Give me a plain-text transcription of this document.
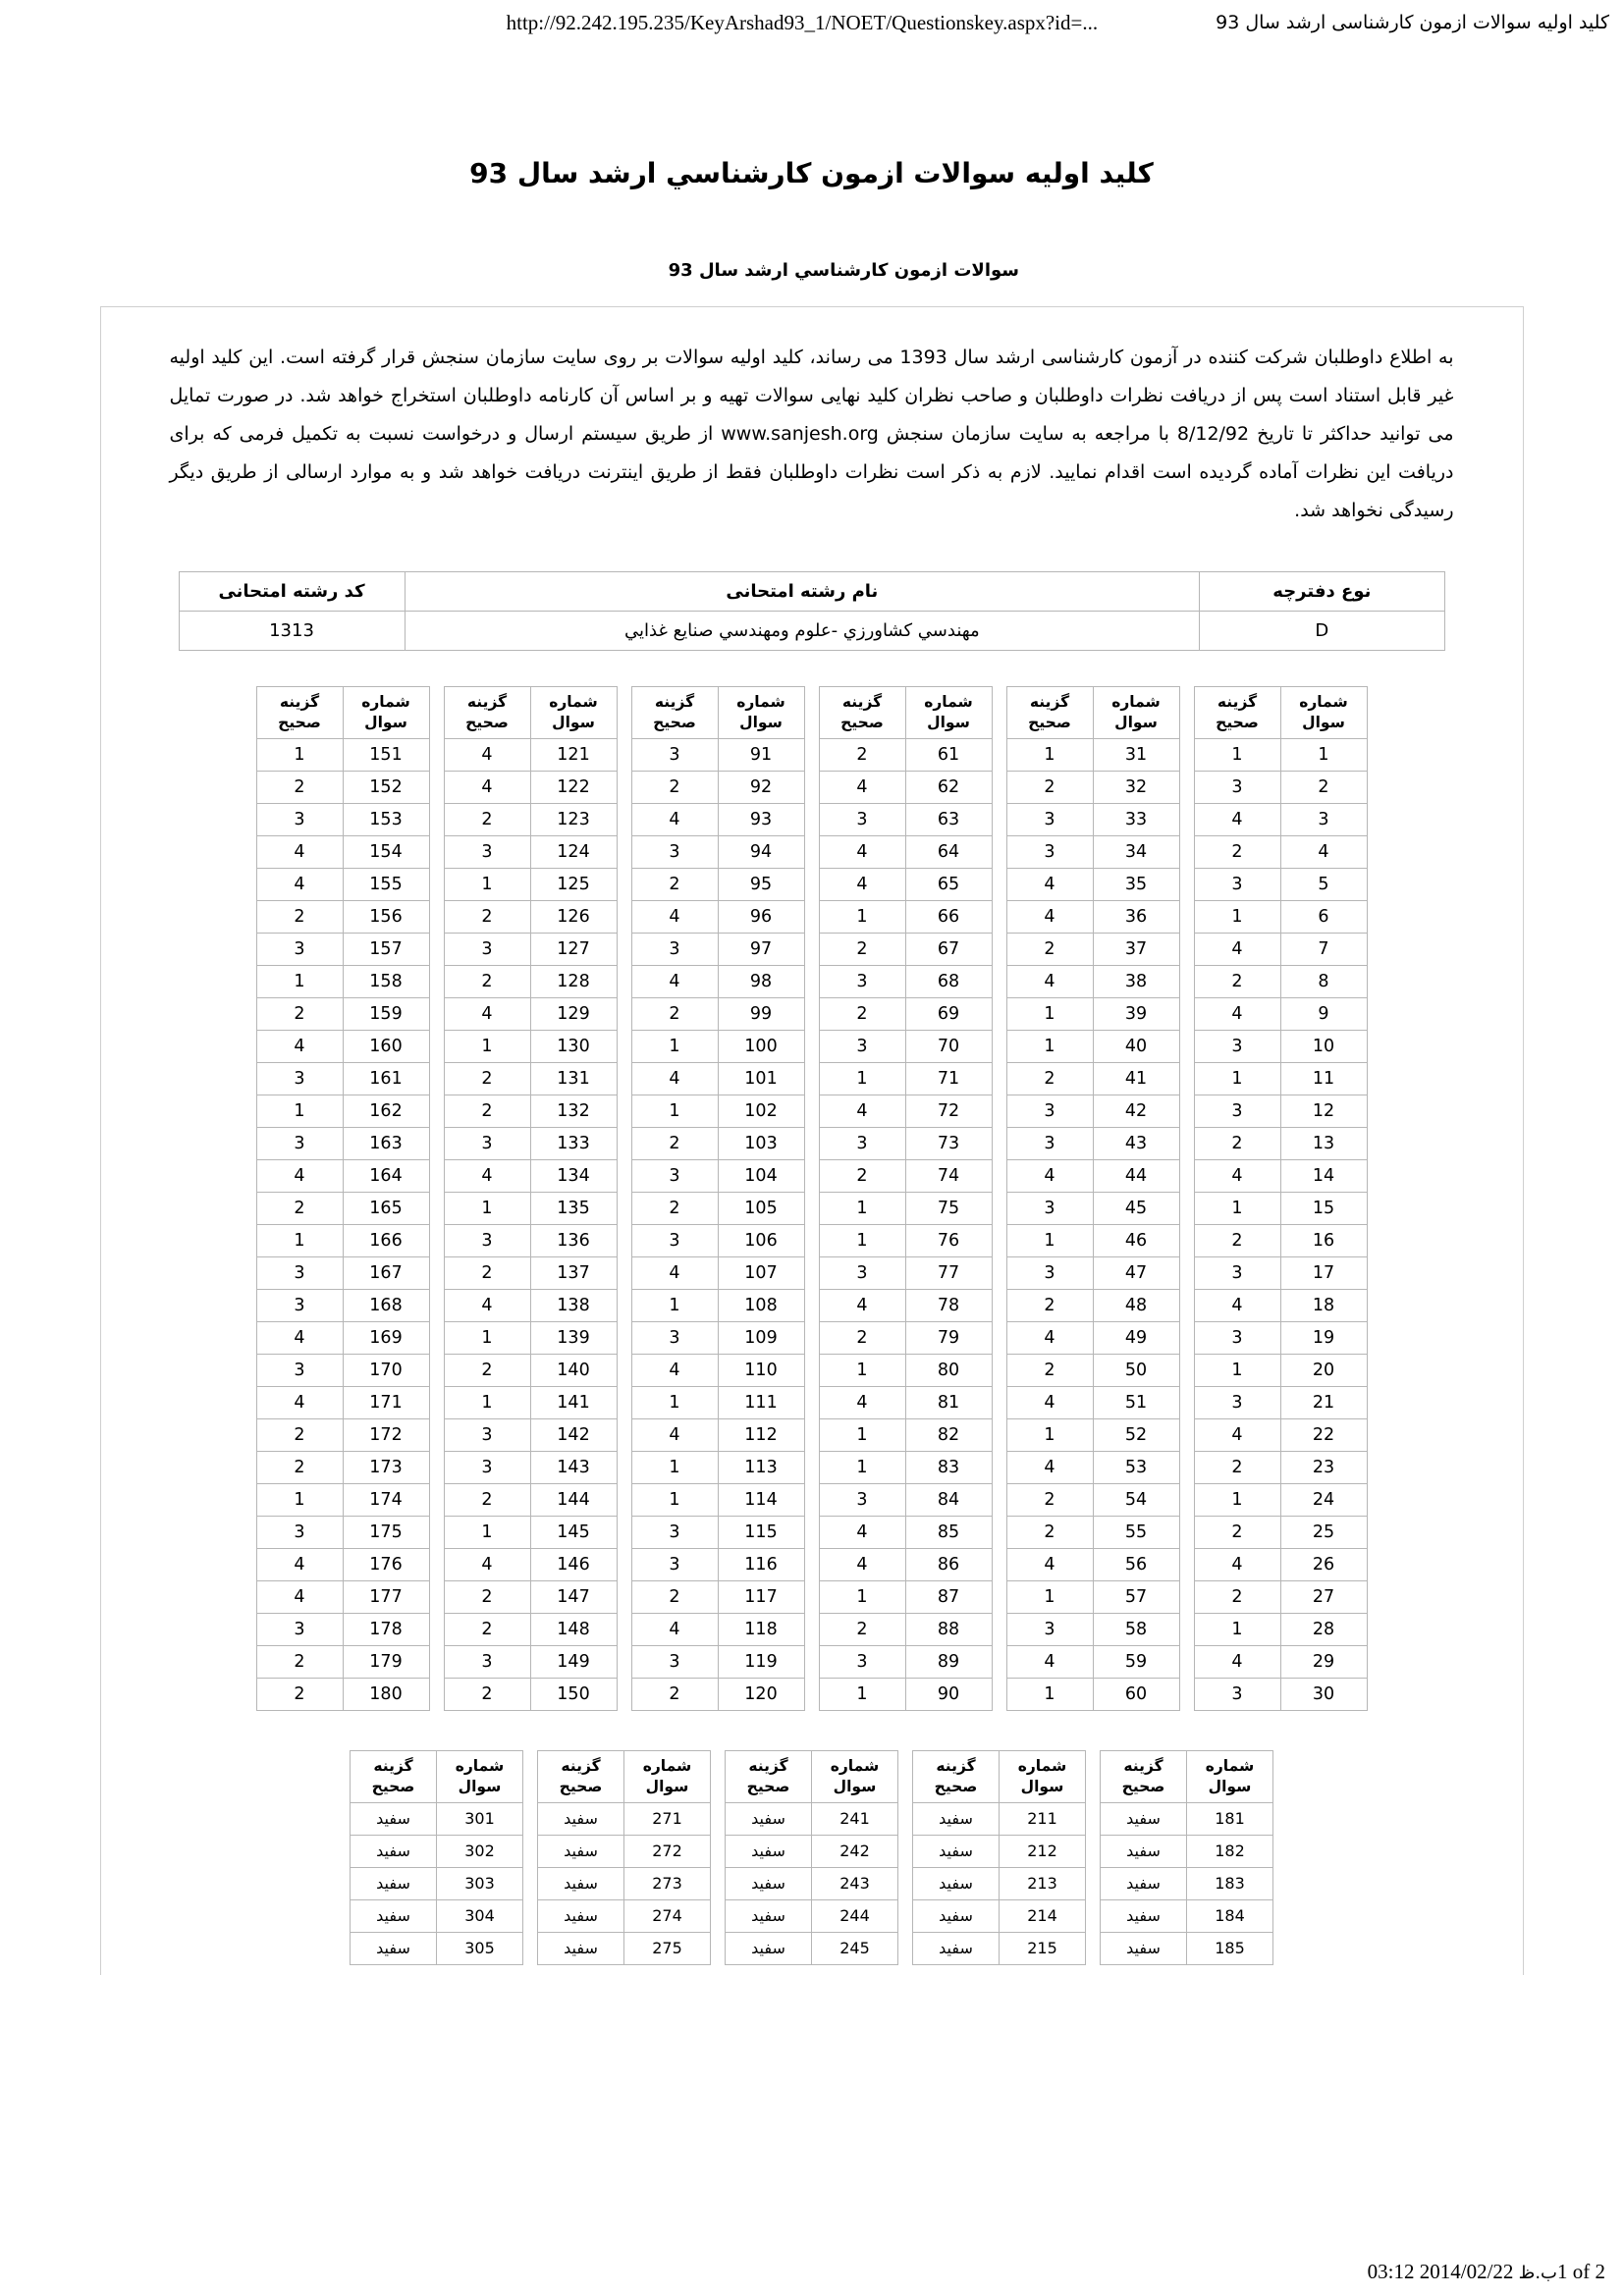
کلید اولیه سوالات ازمون کارشناسی ارشد سال 93
http://92.242.195.235/KeyArshad93_1/NOET/Questionskey.aspx?id=...
کلید اولیه سوالات ازمون کارشناسي ارشد سال 93
سوالات ازمون کارشناسي ارشد سال 93
به اطلاع داوطلبان شرکت کننده در آزمون کارشناسی ارشد سال 1393 می رساند، کلید اولیه سوالات بر روی سایت سازمان سنجش قرار گرفته است. این کلید اولیه غیر قابل استناد است پس از دریافت نظرات داوطلبان و صاحب نظران کلید نهایی سوالات تهیه و بر اساس آن کارنامه داوطلبان استخراج خواهد شد. در صورت تمایل می توانید حداکثر تا تاریخ 8/12/92 با مراجعه به سایت سازمان سنجش www.sanjesh.org از طریق سیستم ارسال و درخواست نسبت به تکمیل فرمی که برای دریافت این نظرات آماده گردیده است اقدام نمایید. لازم به ذکر است نظرات داوطلبان فقط از طریق اینترنت دریافت خواهد شد و به موارد ارسالی از طریق دیگر رسیدگی نخواهد شد.
نوع دفترچه	نام رشته امتحانی	کد رشته امتحانی
D	مهندسي کشاورزي -علوم ومهندسي صنايع غذايي	1313
شماره سوال	گزینه صحیح
1	1
2	3
3	4
4	2
5	3
6	1
7	4
8	2
9	4
10	3
11	1
12	3
13	2
14	4
15	1
16	2
17	3
18	4
19	3
20	1
21	3
22	4
23	2
24	1
25	2
26	4
27	2
28	1
29	4
30	3
شماره سوال	گزینه صحیح
31	1
32	2
33	3
34	3
35	4
36	4
37	2
38	4
39	1
40	1
41	2
42	3
43	3
44	4
45	3
46	1
47	3
48	2
49	4
50	2
51	4
52	1
53	4
54	2
55	2
56	4
57	1
58	3
59	4
60	1
شماره سوال	گزینه صحیح
61	2
62	4
63	3
64	4
65	4
66	1
67	2
68	3
69	2
70	3
71	1
72	4
73	3
74	2
75	1
76	1
77	3
78	4
79	2
80	1
81	4
82	1
83	1
84	3
85	4
86	4
87	1
88	2
89	3
90	1
شماره سوال	گزینه صحیح
91	3
92	2
93	4
94	3
95	2
96	4
97	3
98	4
99	2
100	1
101	4
102	1
103	2
104	3
105	2
106	3
107	4
108	1
109	3
110	4
111	1
112	4
113	1
114	1
115	3
116	3
117	2
118	4
119	3
120	2
شماره سوال	گزینه صحیح
121	4
122	4
123	2
124	3
125	1
126	2
127	3
128	2
129	4
130	1
131	2
132	2
133	3
134	4
135	1
136	3
137	2
138	4
139	1
140	2
141	1
142	3
143	3
144	2
145	1
146	4
147	2
148	2
149	3
150	2
شماره سوال	گزینه صحیح
151	1
152	2
153	3
154	4
155	4
156	2
157	3
158	1
159	2
160	4
161	3
162	1
163	3
164	4
165	2
166	1
167	3
168	3
169	4
170	3
171	4
172	2
173	2
174	1
175	3
176	4
177	4
178	3
179	2
180	2
شماره سوال	گزینه صحیح
181	سفید
182	سفید
183	سفید
184	سفید
185	سفید
شماره سوال	گزینه صحیح
211	سفید
212	سفید
213	سفید
214	سفید
215	سفید
شماره سوال	گزینه صحیح
241	سفید
242	سفید
243	سفید
244	سفید
245	سفید
شماره سوال	گزینه صحیح
271	سفید
272	سفید
273	سفید
274	سفید
275	سفید
شماره سوال	گزینه صحیح
301	سفید
302	سفید
303	سفید
304	سفید
305	سفید
1 of 2
ب.ظ 2014/02/22 03:12
